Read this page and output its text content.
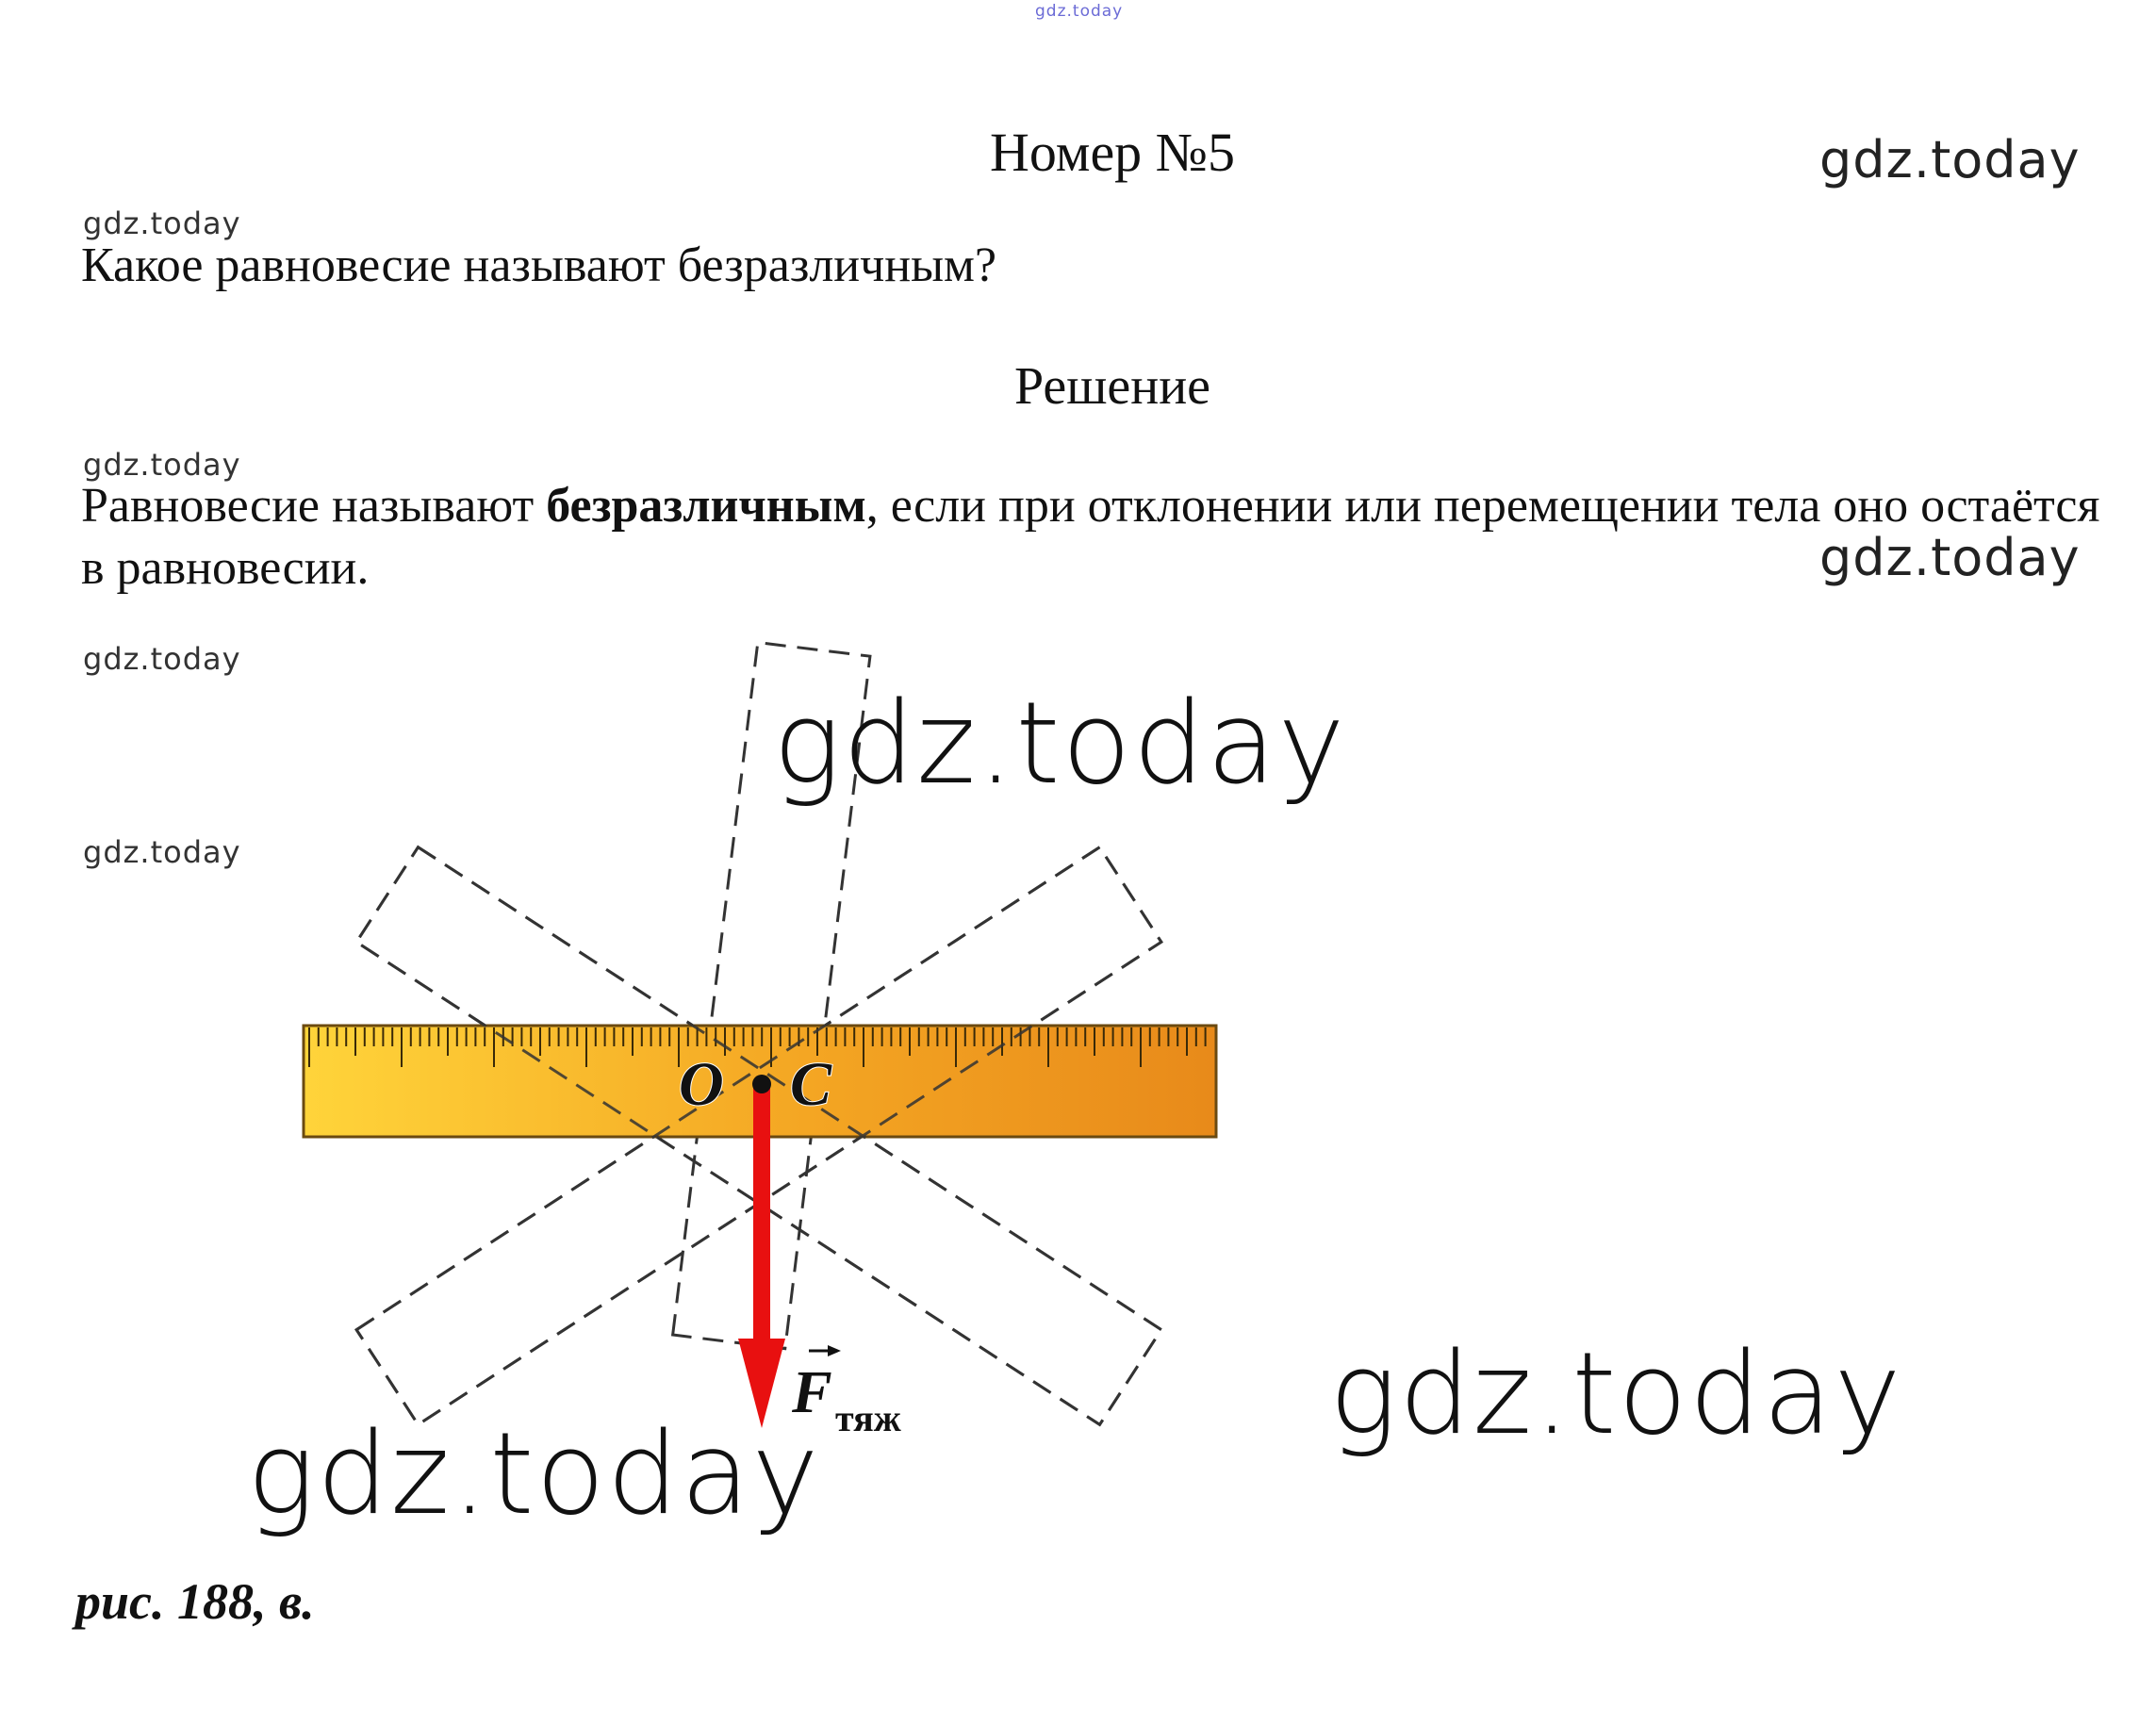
gdz.today
gdz.today
gdz.today
gdz.today
gdz.today
gdz.today
gdz.today
Номер №5
Какое равновесие называют безразличным?
Решение
Равновесие называют безразличным, если при отклонении или перемещении тела оно остаётся в равновесии.
O C
F тяж
gdz.today
gdz.today
gdz.today
рис. 188, в.
